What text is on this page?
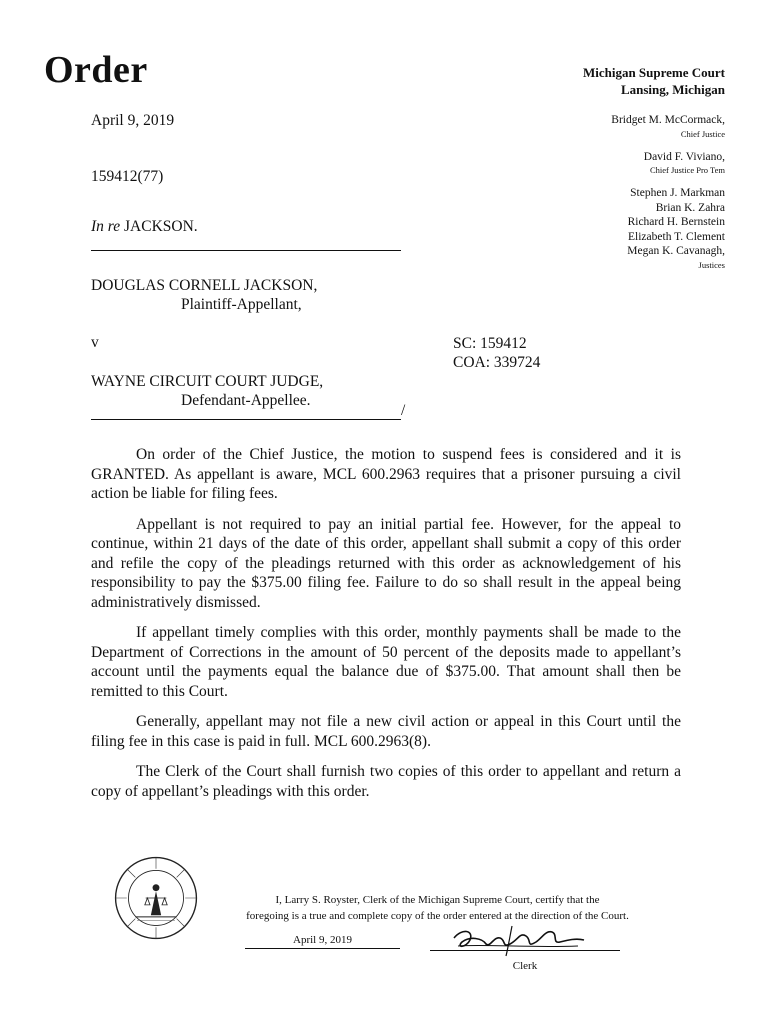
Order	Michigan Supreme Court
Lansing, Michigan
April 9, 2019
159412(77)
Bridget M. McCormack,
Chief Justice
David F. Viviano,
Chief Justice Pro Tem
Stephen J. Markman
Brian K. Zahra
Richard H. Bernstein
Elizabeth T. Clement
Megan K. Cavanagh,
Justices
In re JACKSON.
DOUGLAS CORNELL JACKSON,
Plaintiff-Appellant,
v	SC: 159412
COA: 339724
WAYNE CIRCUIT COURT JUDGE,
Defendant-Appellee.
/

On order of the Chief Justice, the motion to suspend fees is considered and it is GRANTED. As appellant is aware, MCL 600.2963 requires that a prisoner pursuing a civil action be liable for filing fees.

Appellant is not required to pay an initial partial fee. However, for the appeal to continue, within 21 days of the date of this order, appellant shall submit a copy of this order and refile the copy of the pleadings returned with this order as acknowledgement of his responsibility to pay the $375.00 filing fee. Failure to do so shall result in the appeal being administratively dismissed.

If appellant timely complies with this order, monthly payments shall be made to the Department of Corrections in the amount of 50 percent of the deposits made to appellant’s account until the payments equal the balance due of $375.00. That amount shall then be remitted to this Court.

Generally, appellant may not file a new civil action or appeal in this Court until the filing fee in this case is paid in full. MCL 600.2963(8).

The Clerk of the Court shall furnish two copies of this order to appellant and return a copy of appellant’s pleadings with this order.

I, Larry S. Royster, Clerk of the Michigan Supreme Court, certify that the
foregoing is a true and complete copy of the order entered at the direction of the Court.
April 9, 2019
Clerk
